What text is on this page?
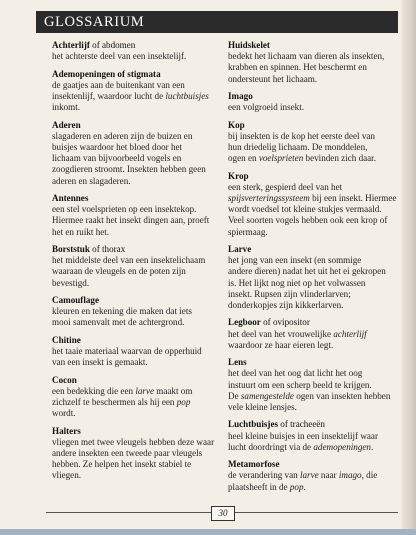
GLOSSARIUM
Achterlijf of abdomen
het achterste deel van een insektelijf.
Ademopeningen of stigmata
de gaatjes aan de buitenkant van een
insektenlijf, waardoor lucht de luchtbuisjes
inkomt.
Aderen
slagaderen en aderen zijn de buizen en
buisjes waardoor het bloed door het
lichaam van bijvoorbeeld vogels en
zoogdieren stroomt. Insekten hebben geen
aderen en slagaderen.
Antennes
een stel voelsprieten op een insektekop.
Hiermee raakt het insekt dingen aan, proeft
het en ruikt het.
Borststuk of thorax
het middelste deel van een insektelichaam
waaraan de vleugels en de poten zijn
bevestigd.
Camouflage
kleuren en tekening die maken dat iets
mooi samenvalt met de achtergrond.
Chitine
het taaie materiaal waarvan de opperhuid
van een insekt is gemaakt.
Cocon
een bedekking die een larve maakt om
zichzelf te beschermen als hij een pop
wordt.
Halters
vliegen met twee vleugels hebben deze waar
andere insekten een tweede paar vleugels
hebben. Ze helpen het insekt stabiel te
vliegen.
Huidskelet
bedekt het lichaam van dieren als insekten,
krabben en spinnen. Het beschermt en
ondersteunt het lichaam.
Imago
een volgroeid insekt.
Kop
bij insekten is de kop het eerste deel van
hun driedelig lichaam. De monddelen,
ogen en voelsprieten bevinden zich daar.
Krop
een sterk, gespierd deel van het
spijsverteringssysteem bij een insekt. Hiermee
wordt voedsel tot kleine stukjes vermaald.
Veel soorten vogels hebben ook een krop of
spiermaag.
Larve
het jong van een insekt (en sommige
andere dieren) nadat het uit het ei gekropen
is. Het lijkt nog niet op het volwassen
insekt. Rupsen zijn vlinderlarven;
donderkopjes zijn kikkerlarven.
Legboor of ovipositor
het deel van het vrouwelijke achterlijf
waardoor ze haar eieren legt.
Lens
het deel van het oog dat licht het oog
instuurt om een scherp beeld te krijgen.
De samengestelde ogen van insekten hebben
vele kleine lensjes.
Luchtbuisjes of tracheeën
heel kleine buisjes in een insektelijf waar
lucht doordringt via de ademopeningen.
Metamorfose
de verandering van larve naar imago, die
plaatsheeft in de pop.
30
